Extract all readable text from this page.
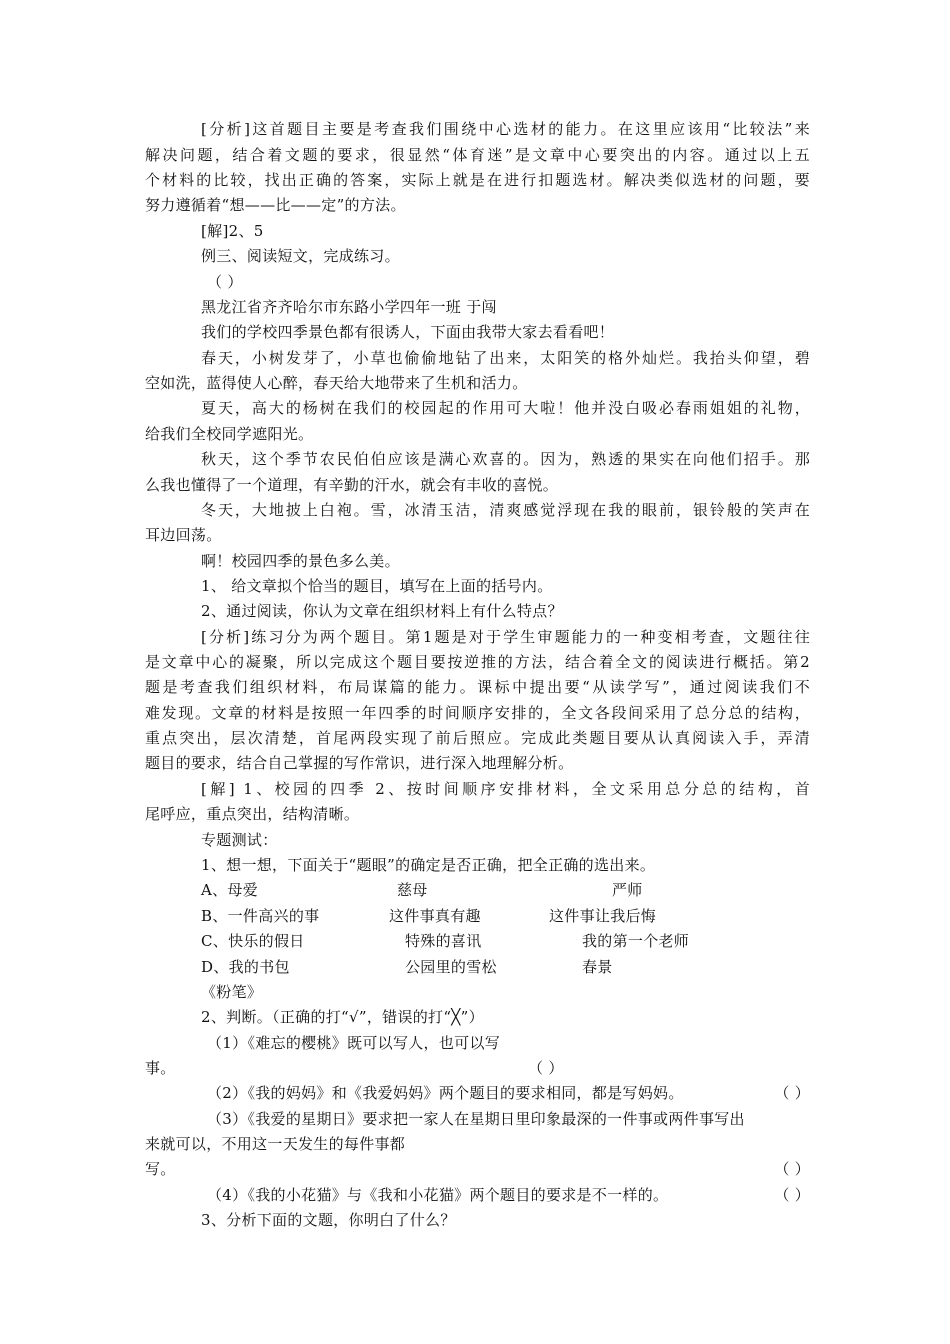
[分析]这首题目主要是考查我们围绕中心选材的能力。在这里应该用“比较法”来
解决问题，结合着文题的要求，很显然“体育迷”是文章中心要突出的内容。通过以上五
个材料的比较，找出正确的答案，实际上就是在进行扣题选材。解决类似选材的问题，要
努力遵循着“想——比——定”的方法。
[解]2、5
例三、阅读短文，完成练习。
（ ）
黑龙江省齐齐哈尔市东路小学四年一班 于闯
我们的学校四季景色都有很诱人，下面由我带大家去看看吧！
春天，小树发芽了，小草也偷偷地钻了出来，太阳笑的格外灿烂。我抬头仰望，碧
空如洗，蓝得使人心醉，春天给大地带来了生机和活力。
夏天，高大的杨树在我们的校园起的作用可大啦！他并没白吸必春雨姐姐的礼物，
给我们全校同学遮阳光。
秋天，这个季节农民伯伯应该是满心欢喜的。因为，熟透的果实在向他们招手。那
么我也懂得了一个道理，有辛勤的汗水，就会有丰收的喜悦。
冬天，大地披上白袍。雪，冰清玉洁，清爽感觉浮现在我的眼前，银铃般的笑声在
耳边回荡。
啊！校园四季的景色多么美。
1、 给文章拟个恰当的题目，填写在上面的括号内。
2、通过阅读，你认为文章在组织材料上有什么特点？
[分析]练习分为两个题目。第1题是对于学生审题能力的一种变相考查，文题往往
是文章中心的凝聚，所以完成这个题目要按逆推的方法，结合着全文的阅读进行概括。第2
题是考查我们组织材料，布局谋篇的能力。课标中提出要“从读学写”，通过阅读我们不
难发现。文章的材料是按照一年四季的时间顺序安排的，全文各段间采用了总分总的结构，
重点突出，层次清楚，首尾两段实现了前后照应。完成此类题目要从认真阅读入手，弄清
题目的要求，结合自己掌握的写作常识，进行深入地理解分析。
[解] 1、校园的四季 2、按时间顺序安排材料，全文采用总分总的结构，首
尾呼应，重点突出，结构清晰。
专题测试：
1、想一想，下面关于“题眼”的确定是否正确，把全正确的选出来。
A、母爱	慈母	严师
B、一件高兴的事	这件事真有趣	这件事让我后悔
C、快乐的假日	特殊的喜讯	我的第一个老师
D、我的书包	公园里的雪松	春景
《粉笔》
2、判断。（正确的打“√”，错误的打“╳”）
（1）《难忘的樱桃》既可以写人，也可以写
事。	（ ）
（2）《我的妈妈》和《我爱妈妈》两个题目的要求相同，都是写妈妈。	（ ）
（3）《我爱的星期日》要求把一家人在星期日里印象最深的一件事或两件事写出
来就可以，不用这一天发生的每件事都
写。	（ ）
（4）《我的小花猫》与《我和小花猫》两个题目的要求是不一样的。	（ ）
3、分析下面的文题，你明白了什么？
